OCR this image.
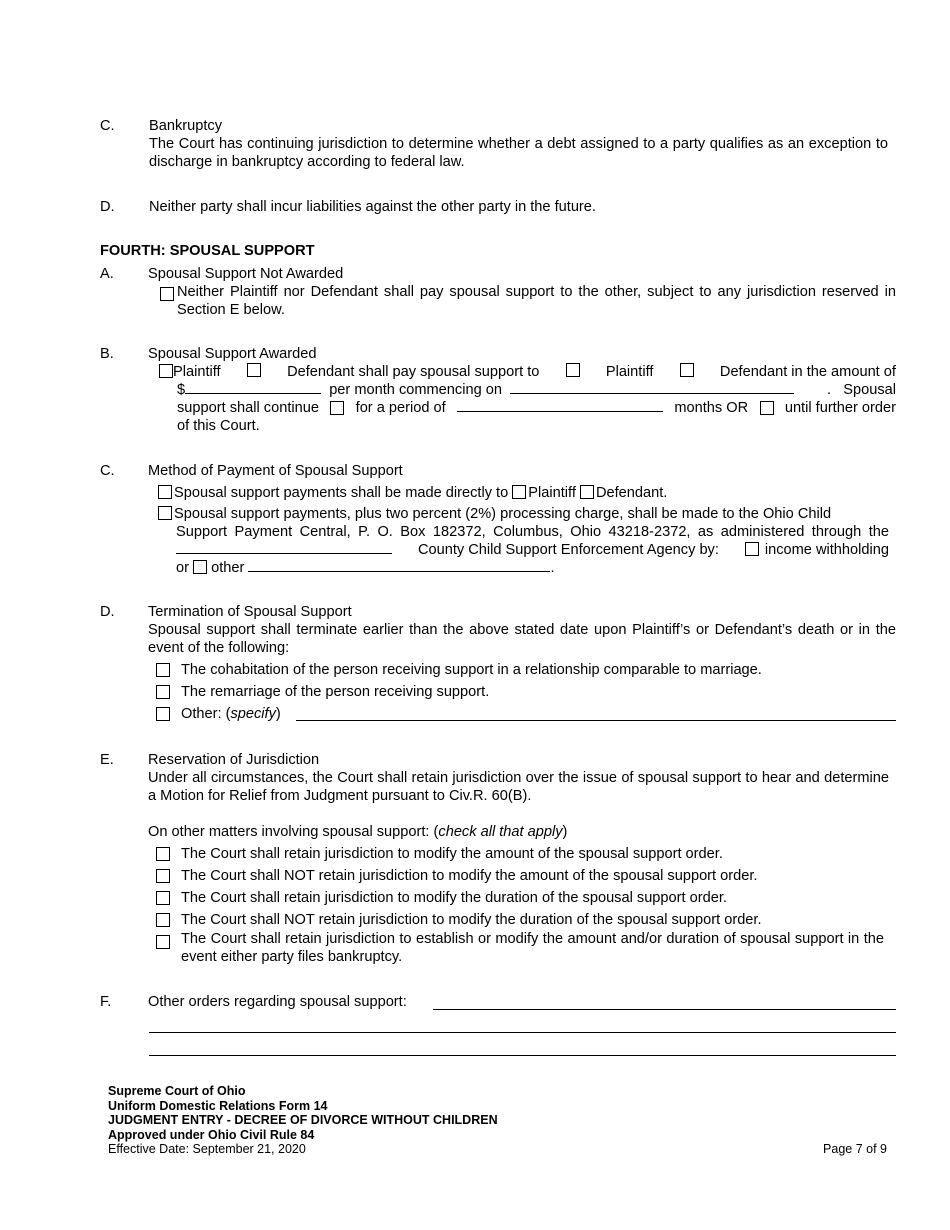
C. Bankruptcy
The Court has continuing jurisdiction to determine whether a debt assigned to a party qualifies as an exception to discharge in bankruptcy according to federal law.
D. Neither party shall incur liabilities against the other party in the future.
FOURTH: SPOUSAL SUPPORT
A. Spousal Support Not Awarded
Neither Plaintiff nor Defendant shall pay spousal support to the other, subject to any jurisdiction reserved in Section E below.
B. Spousal Support Awarded
Plaintiff	Defendant shall pay spousal support to	Plaintiff	Defendant in the amount of
$	per month commencing on	.   Spousal
support shall continue	for a period of	months OR	until further order
of this Court.
C. Method of Payment of Spousal Support
Spousal support payments shall be made directly to Plaintiff Defendant.
Spousal support payments, plus two percent (2%) processing charge, shall be made to the Ohio Child
Support Payment Central, P. O. Box 182372, Columbus, Ohio 43218-2372, as administered through the
County Child Support Enforcement Agency by:	income withholding
or other	.
D. Termination of Spousal Support
Spousal support shall terminate earlier than the above stated date upon Plaintiff’s or Defendant’s death or in the event of the following:
The cohabitation of the person receiving support in a relationship comparable to marriage.
The remarriage of the person receiving support.
Other: (specify)
E. Reservation of Jurisdiction
Under all circumstances, the Court shall retain jurisdiction over the issue of spousal support to hear and determine a Motion for Relief from Judgment pursuant to Civ.R. 60(B).
On other matters involving spousal support: (check all that apply)
The Court shall retain jurisdiction to modify the amount of the spousal support order.
The Court shall NOT retain jurisdiction to modify the amount of the spousal support order.
The Court shall retain jurisdiction to modify the duration of the spousal support order.
The Court shall NOT retain jurisdiction to modify the duration of the spousal support order.
The Court shall retain jurisdiction to establish or modify the amount and/or duration of spousal support in the event either party files bankruptcy.
F.	Other orders regarding spousal support:
Supreme Court of Ohio
Uniform Domestic Relations Form 14
JUDGMENT ENTRY - DECREE OF DIVORCE WITHOUT CHILDREN
Approved under Ohio Civil Rule 84
Effective Date: September 21, 2020	Page 7 of 9
